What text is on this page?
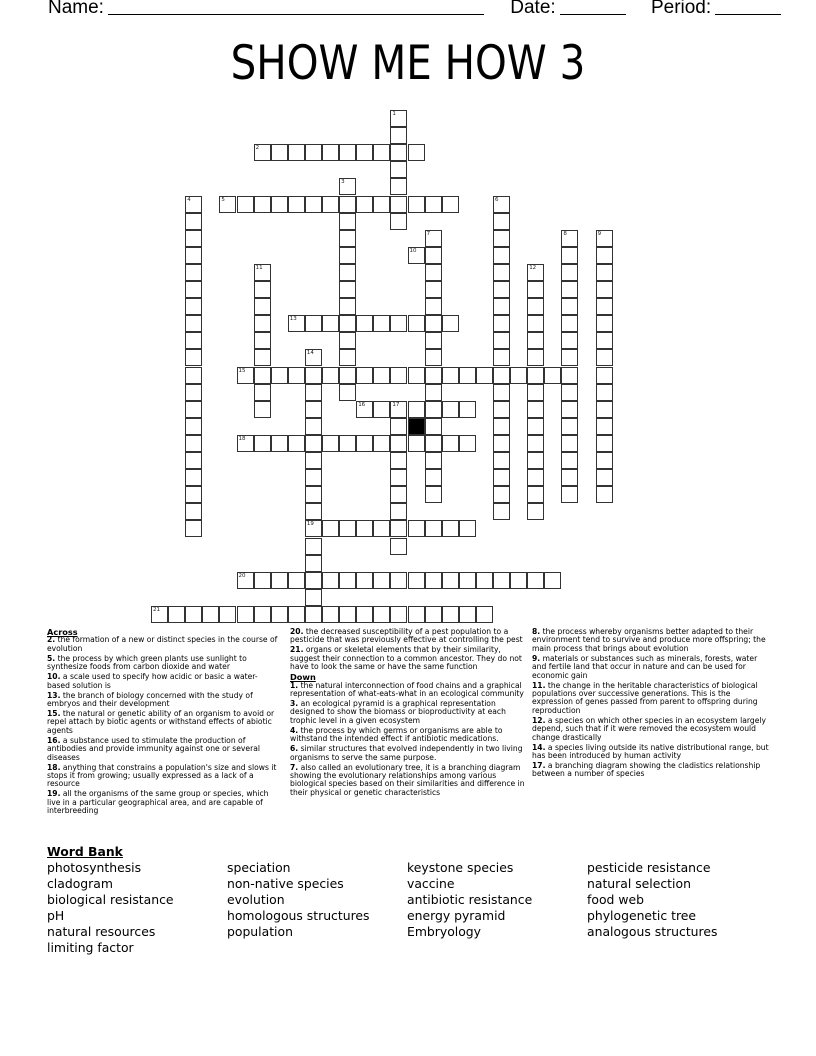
Name:	Date:	Period:
SHOW ME HOW 3
1
2
3
4	5	6
7	8	9
10
11	12
13
14
19
15
16	17
18
20
21
Across
2. the formation of a new or distinct species in the course of evolution
5. the process by which green plants use sunlight to synthesize foods from carbon dioxide and water
10. a scale used to specify how acidic or basic a water-based solution is
13. the branch of biology concerned with the study of embryos and their development
15. the natural or genetic ability of an organism to avoid or repel attach by biotic agents or withstand effects of abiotic agents
16. a substance used to stimulate the production of antibodies and provide immunity against one or several diseases
18. anything that constrains a population's size and slows it stops it from growing; usually expressed as a lack of a resource
19. all the organisms of the same group or species, which live in a particular geographical area, and are capable of interbreeding
20. the decreased susceptibility of a pest population to a pesticide that was previously effective at controlling the pest
21. organs or skeletal elements that by their similarity, suggest their connection to a common ancestor. They do not have to look the same or have the same function
Down
1. the natural interconnection of food chains and a graphical representation of what-eats-what in an ecological community
3. an ecological pyramid is a graphical representation designed to show the biomass or bioproductivity at each trophic level in a given ecosystem
4. the process by which germs or organisms are able to withstand the intended effect if antibiotic medications.
6. similar structures that evolved independently in two living organisms to serve the same purpose.
7. also called an evolutionary tree, it is a branching diagram showing the evolutionary relationships among various biological species based on their similarities and difference in their physical or genetic characteristics
8. the process whereby organisms better adapted to their environment tend to survive and produce more offspring; the main process that brings about evolution
9. materials or substances such as minerals, forests, water and fertile land that occur in nature and can be used for economic gain
11. the change in the heritable characteristics of biological populations over successive generations. This is the expression of genes passed from parent to offspring during reproduction
12. a species on which other species in an ecosystem largely depend, such that if it were removed the ecosystem would change drastically
14. a species living outside its native distributional range, but has been introduced by human activity
17. a branching diagram showing the cladistics relationship between a number of species
Word Bank
photosynthesis	speciation	keystone species	pesticide resistance
cladogram	non-native species	vaccine	natural selection
biological resistance	evolution	antibiotic resistance	food web
pH	homologous structures	energy pyramid	phylogenetic tree
natural resources	population	Embryology	analogous structures
limiting factor
